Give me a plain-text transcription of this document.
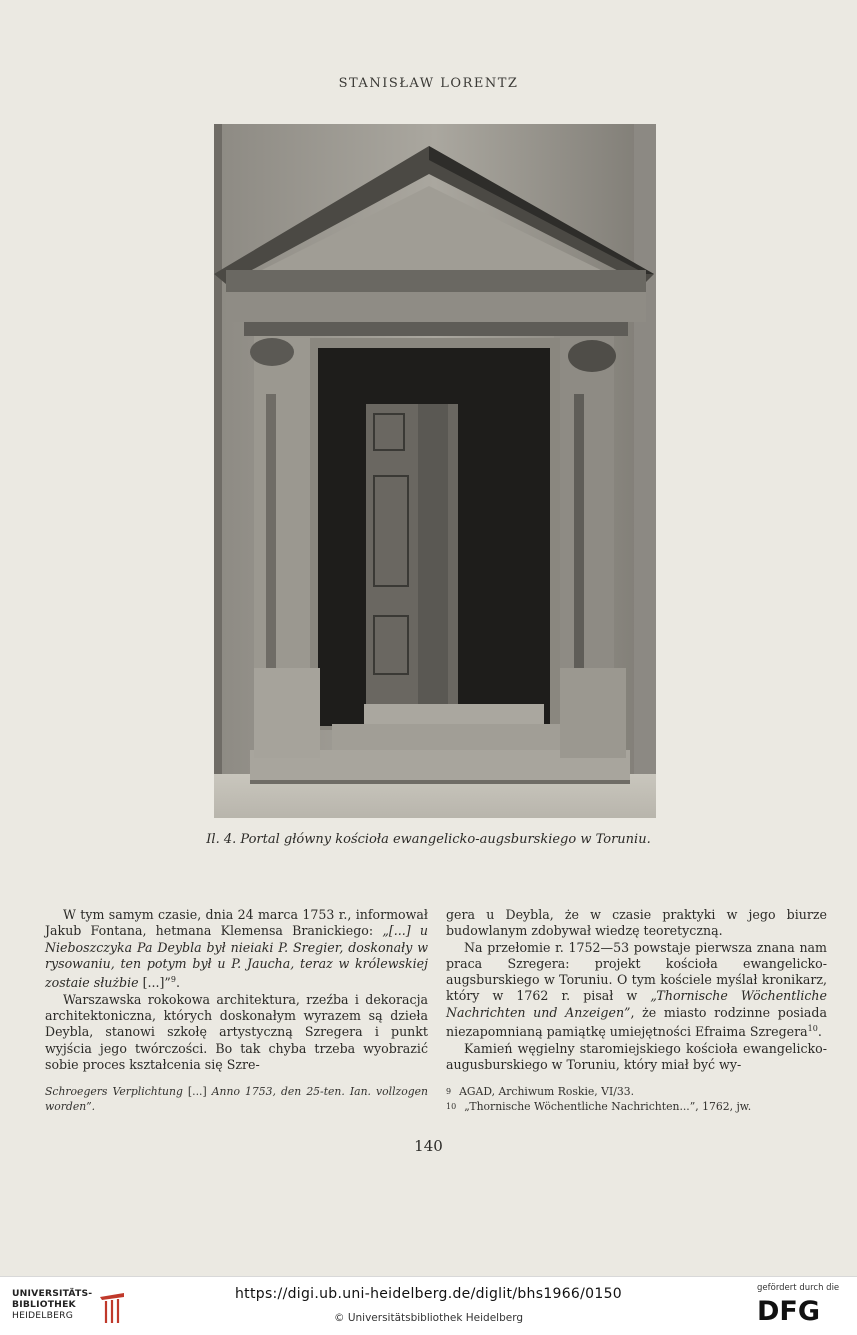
STANISŁAW LORENTZ
Il. 4. Portal główny kościoła ewangelicko-augsburskiego w Toruniu.

W tym samym czasie, dnia 24 marca 1753 r., informował Jakub Fontana, hetmana Klemensa Branickiego: „[...] u Nieboszczyka Pa Deybla był nieiaki P. Sregier, doskonały w rysowaniu, ten potym był u P. Jaucha, teraz w królewskiej zostaie służbie [...]”$^9$.

Warszawska rokokowa architektura, rzeźba i dekoracja architektoniczna, których doskonałym wyrazem są dzieła Deybla, stanowi szkołę artystyczną Szregera i punkt wyjścia jego twórczości. Bo tak chyba trzeba wyobrazić sobie proces kształcenia się Szre-

gera u Deybla, że w czasie praktyki w jego biurze budowlanym zdobywał wiedzę teoretyczną.

Na przełomie r. 1752—53 powstaje pierwsza znana nam praca Szregera: projekt kościoła ewangelicko-augsburskiego w Toruniu. O tym kościele myślał kronikarz, który w 1762 r. pisał w „Thornische Wöchentliche Nachrichten und Anzeigen”, że miasto rodzinne posiada niezapomnianą pamiątkę umiejętności Efraima Szregera$^{10}$.

Kamień węgielny staromiejskiego kościoła ewangelicko-augusburskiego w Toruniu, który miał być wy-

Schroegers Verplichtung [...] Anno 1753, den 25-ten. Ian. vollzogen worden”.
9 AGAD, Archiwum Roskie, VI/33.
10 „Thornische Wöchentliche Nachrichten...”, 1762, jw.
140
UNIVERSITÄTS-
BIBLIOTHEK
HEIDELBERG
https://digi.ub.uni-heidelberg.de/diglit/bhs1966/0150
© Universitätsbibliothek Heidelberg
gefördert durch die
DFG
